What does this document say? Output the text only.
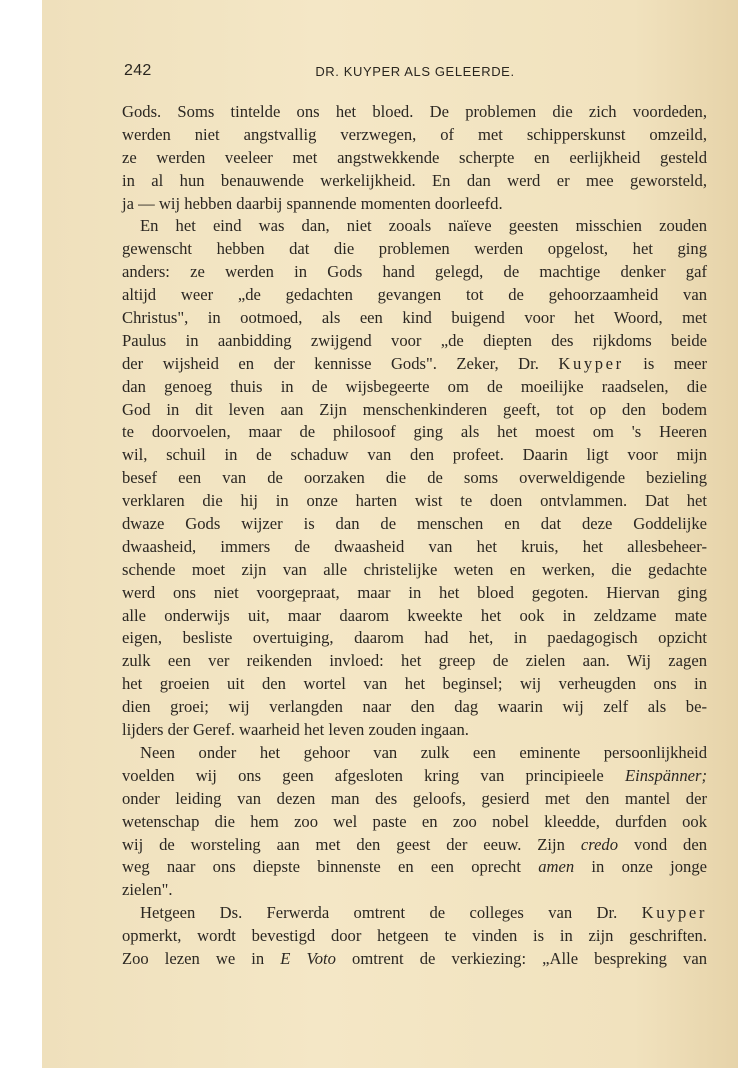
242	DR. KUYPER ALS GELEERDE.
Gods. Soms tintelde ons het bloed. De problemen die zich voordeden,
werden niet angstvallig verzwegen, of met schipperskunst omzeild,
ze werden veeleer met angstwekkende scherpte en eerlijkheid gesteld
in al hun benauwende werkelijkheid. En dan werd er mee geworsteld,
ja — wij hebben daarbij spannende momenten doorleefd.
En het eind was dan, niet zooals naïeve geesten misschien zouden
gewenscht hebben dat die problemen werden opgelost, het ging
anders: ze werden in Gods hand gelegd, de machtige denker gaf
altijd weer „de gedachten gevangen tot de gehoorzaamheid van
Christus", in ootmoed, als een kind buigend voor het Woord, met
Paulus in aanbidding zwijgend voor „de diepten des rijkdoms beide
der wijsheid en der kennisse Gods". Zeker, Dr. Kuyper is meer
dan genoeg thuis in de wijsbegeerte om de moeilijke raadselen, die
God in dit leven aan Zijn menschenkinderen geeft, tot op den bodem
te doorvoelen, maar de philosoof ging als het moest om 's Heeren
wil, schuil in de schaduw van den profeet. Daarin ligt voor mijn
besef een van de oorzaken die de soms overweldigende bezieling
verklaren die hij in onze harten wist te doen ontvlammen. Dat het
dwaze Gods wijzer is dan de menschen en dat deze Goddelijke
dwaasheid, immers de dwaasheid van het kruis, het allesbeheer-
schende moet zijn van alle christelijke weten en werken, die gedachte
werd ons niet voorgepraat, maar in het bloed gegoten. Hiervan ging
alle onderwijs uit, maar daarom kweekte het ook in zeldzame mate
eigen, besliste overtuiging, daarom had het, in paedagogisch opzicht
zulk een ver reikenden invloed: het greep de zielen aan. Wij zagen
het groeien uit den wortel van het beginsel; wij verheugden ons in
dien groei; wij verlangden naar den dag waarin wij zelf als be-
lijders der Geref. waarheid het leven zouden ingaan.
Neen onder het gehoor van zulk een eminente persoonlijkheid
voelden wij ons geen afgesloten kring van principieele Einspänner;
onder leiding van dezen man des geloofs, gesierd met den mantel der
wetenschap die hem zoo wel paste en zoo nobel kleedde, durfden ook
wij de worsteling aan met den geest der eeuw. Zijn credo vond den
weg naar ons diepste binnenste en een oprecht amen in onze jonge
zielen".
Hetgeen Ds. Ferwerda omtrent de colleges van Dr. Kuyper
opmerkt, wordt bevestigd door hetgeen te vinden is in zijn geschriften.
Zoo lezen we in E Voto omtrent de verkiezing: „Alle bespreking van
